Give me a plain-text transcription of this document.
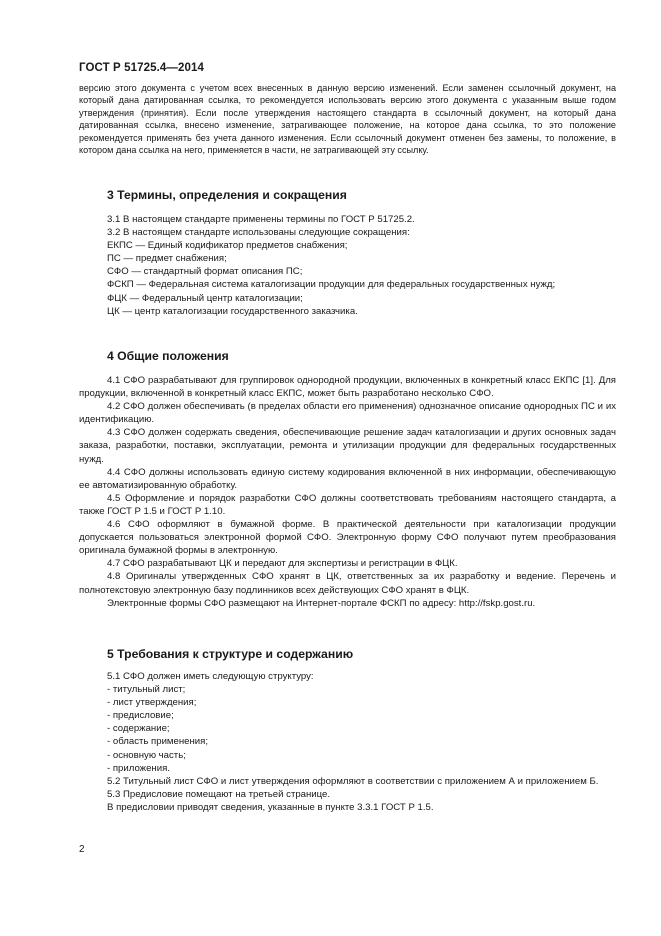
ГОСТ Р 51725.4—2014

версию этого документа с учетом всех внесенных в данную версию изменений. Если заменен ссылочный документ, на который дана датированная ссылка, то рекомендуется использовать версию этого документа с указанным выше годом утверждения (принятия). Если после утверждения настоящего стандарта в ссылочный документ, на который дана датированная ссылка, внесено изменение, затрагивающее положение, на которое дана ссылка, то это положение рекомендуется применять без учета данного изменения. Если ссылочный документ отменен без замены, то положение, в котором дана ссылка на него, применяется в части, не затрагивающей эту ссылку.

3 Термины, определения и сокращения

3.1 В настоящем стандарте применены термины по ГОСТ Р 51725.2.

3.2 В настоящем стандарте использованы следующие сокращения:

ЕКПС — Единый кодификатор предметов снабжения;

ПС — предмет снабжения;

СФО — стандартный формат описания ПС;

ФСКП — Федеральная система каталогизации продукции для федеральных государственных нужд;

ФЦК — Федеральный центр каталогизации;

ЦК — центр каталогизации государственного заказчика.

4 Общие положения

4.1 СФО разрабатывают для группировок однородной продукции, включенных в конкретный класс ЕКПС [1]. Для продукции, включенной в конкретный класс ЕКПС, может быть разработано несколько СФО.

4.2 СФО должен обеспечивать (в пределах области его применения) однозначное описание однородных ПС и их идентификацию.

4.3 СФО должен содержать сведения, обеспечивающие решение задач каталогизации и других основных задач заказа, разработки, поставки, эксплуатации, ремонта и утилизации продукции для федеральных государственных нужд.

4.4 СФО должны использовать единую систему кодирования включенной в них информации, обеспечивающую ее автоматизированную обработку.

4.5 Оформление и порядок разработки СФО должны соответствовать требованиям настоящего стандарта, а также ГОСТ Р 1.5 и ГОСТ Р 1.10.

4.6 СФО оформляют в бумажной форме. В практической деятельности при каталогизации продукции допускается пользоваться электронной формой СФО. Электронную форму СФО получают путем преобразования оригинала бумажной формы в электронную.

4.7 СФО разрабатывают ЦК и передают для экспертизы и регистрации в ФЦК.

4.8 Оригиналы утвержденных СФО хранят в ЦК, ответственных за их разработку и ведение. Перечень и полнотекстовую электронную базу подлинников всех действующих СФО хранят в ФЦК.

Электронные формы СФО размещают на Интернет-портале ФСКП по адресу: http://fskp.gost.ru.

5 Требования к структуре и содержанию

5.1 СФО должен иметь следующую структуру:

- титульный лист;
- лист утверждения;
- предисловие;
- содержание;
- область применения;
- основную часть;
- приложения.

5.2 Титульный лист СФО и лист утверждения оформляют в соответствии с приложением А и приложением Б.

5.3 Предисловие помещают на третьей странице.

В предисловии приводят сведения, указанные в пункте 3.3.1 ГОСТ Р 1.5.

2
